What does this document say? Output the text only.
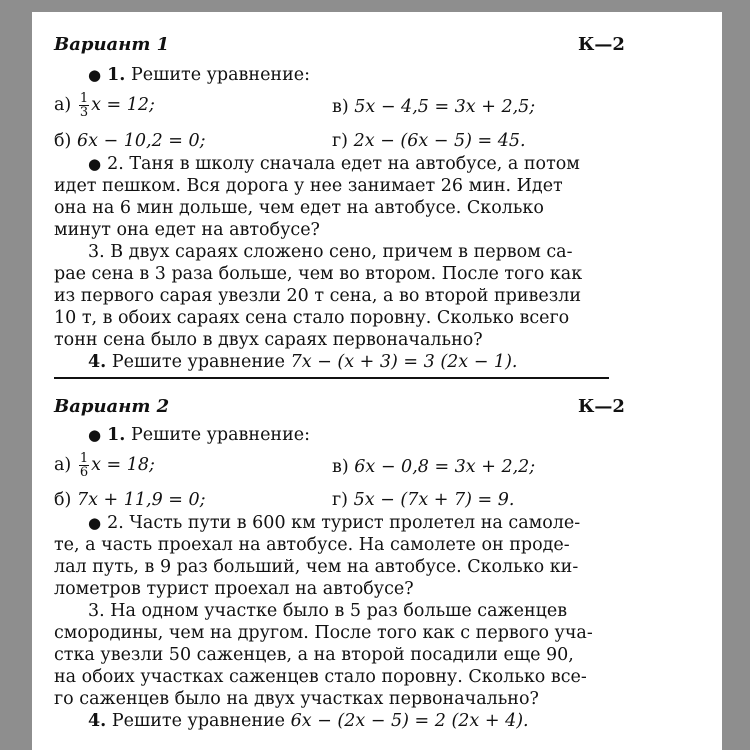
Вариант 1	К—2
● 1. Решите уравнение:
$а) \frac{1}{3}$ x = 12;	в) 5x − 4,5 = 3x + 2,5;
б) 6x − 10,2 = 0;	г) 2x − (6x − 5) = 45.
● 2. Таня в школу сначала едет на автобусе, а потом
идет пешком. Вся дорога у нее занимает 26 мин. Идет
она на 6 мин дольше, чем едет на автобусе. Сколько
минут она едет на автобусе?
3. В двух сараях сложено сено, причем в первом са-
рае сена в 3 раза больше, чем во втором. После того как
из первого сарая увезли 20 т сена, а во второй привезли
10 т, в обоих сараях сена стало поровну. Сколько всего
тонн сена было в двух сараях первоначально?
4. Решите уравнение 7x − (x + 3) = 3 (2x − 1).
Вариант 2	К—2
● 1. Решите уравнение:
$а) \frac{1}{6}$ x = 18;	в) 6x − 0,8 = 3x + 2,2;
б) 7x + 11,9 = 0;	г) 5x − (7x + 7) = 9.
● 2. Часть пути в 600 км турист пролетел на самоле-
те, а часть проехал на автобусе. На самолете он проде-
лал путь, в 9 раз больший, чем на автобусе. Сколько ки-
лометров турист проехал на автобусе?
3. На одном участке было в 5 раз больше саженцев
смородины, чем на другом. После того как с первого уча-
стка увезли 50 саженцев, а на второй посадили еще 90,
на обоих участках саженцев стало поровну. Сколько все-
го саженцев было на двух участках первоначально?
4. Решите уравнение 6x − (2x − 5) = 2 (2x + 4).
